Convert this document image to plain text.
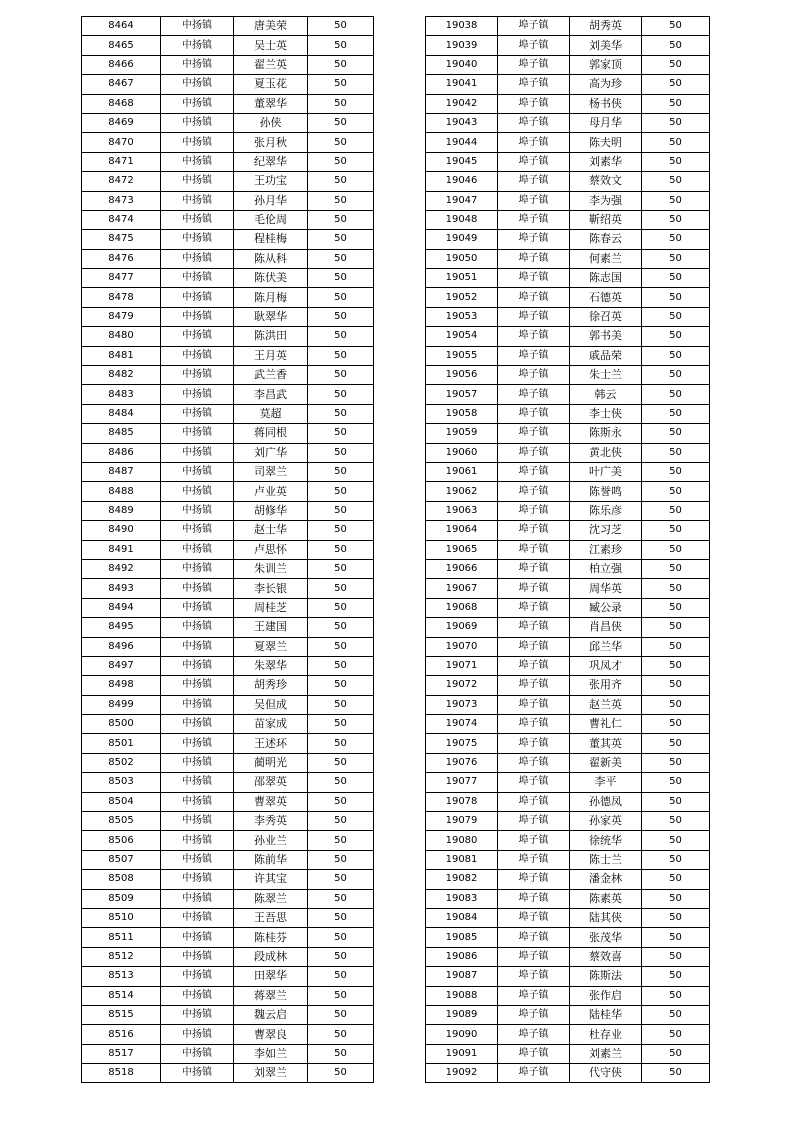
8464	中扬镇	唐美荣	50
8465	中扬镇	吴士英	50
8466	中扬镇	翟兰英	50
8467	中扬镇	夏玉花	50
8468	中扬镇	董翠华	50
8469	中扬镇	孙侠	50
8470	中扬镇	张月秋	50
8471	中扬镇	纪翠华	50
8472	中扬镇	王功宝	50
8473	中扬镇	孙月华	50
8474	中扬镇	毛伦周	50
8475	中扬镇	程桂梅	50
8476	中扬镇	陈从科	50
8477	中扬镇	陈伏美	50
8478	中扬镇	陈月梅	50
8479	中扬镇	耿翠华	50
8480	中扬镇	陈洪田	50
8481	中扬镇	王月英	50
8482	中扬镇	武兰香	50
8483	中扬镇	李昌武	50
8484	中扬镇	莫超	50
8485	中扬镇	蒋同根	50
8486	中扬镇	刘广华	50
8487	中扬镇	司翠兰	50
8488	中扬镇	卢业英	50
8489	中扬镇	胡修华	50
8490	中扬镇	赵士华	50
8491	中扬镇	卢思怀	50
8492	中扬镇	朱训兰	50
8493	中扬镇	李长银	50
8494	中扬镇	周桂芝	50
8495	中扬镇	王建国	50
8496	中扬镇	夏翠兰	50
8497	中扬镇	朱翠华	50
8498	中扬镇	胡秀珍	50
8499	中扬镇	吴但成	50
8500	中扬镇	苗家成	50
8501	中扬镇	王述环	50
8502	中扬镇	蔺明光	50
8503	中扬镇	邵翠英	50
8504	中扬镇	曹翠英	50
8505	中扬镇	李秀英	50
8506	中扬镇	孙业兰	50
8507	中扬镇	陈前华	50
8508	中扬镇	许其宝	50
8509	中扬镇	陈翠兰	50
8510	中扬镇	王吾思	50
8511	中扬镇	陈桂芬	50
8512	中扬镇	段成林	50
8513	中扬镇	田翠华	50
8514	中扬镇	蒋翠兰	50
8515	中扬镇	魏云启	50
8516	中扬镇	曹翠良	50
8517	中扬镇	李如兰	50
8518	中扬镇	刘翠兰	50
19038	埠子镇	胡秀英	50
19039	埠子镇	刘美华	50
19040	埠子镇	郭家顶	50
19041	埠子镇	高为珍	50
19042	埠子镇	杨书侠	50
19043	埠子镇	母月华	50
19044	埠子镇	陈夫明	50
19045	埠子镇	刘素华	50
19046	埠子镇	蔡效文	50
19047	埠子镇	李为强	50
19048	埠子镇	靳绍英	50
19049	埠子镇	陈春云	50
19050	埠子镇	何素兰	50
19051	埠子镇	陈志国	50
19052	埠子镇	石德英	50
19053	埠子镇	徐召英	50
19054	埠子镇	郭书美	50
19055	埠子镇	戚品荣	50
19056	埠子镇	朱士兰	50
19057	埠子镇	韩云	50
19058	埠子镇	李士侠	50
19059	埠子镇	陈斯永	50
19060	埠子镇	黄北侠	50
19061	埠子镇	叶广美	50
19062	埠子镇	陈誉鸣	50
19063	埠子镇	陈乐彦	50
19064	埠子镇	沈习芝	50
19065	埠子镇	江素珍	50
19066	埠子镇	柏立强	50
19067	埠子镇	周华英	50
19068	埠子镇	臧公录	50
19069	埠子镇	肖昌侠	50
19070	埠子镇	邱兰华	50
19071	埠子镇	巩凤才	50
19072	埠子镇	张用齐	50
19073	埠子镇	赵兰英	50
19074	埠子镇	曹礼仁	50
19075	埠子镇	董其英	50
19076	埠子镇	翟新美	50
19077	埠子镇	李平	50
19078	埠子镇	孙德凤	50
19079	埠子镇	孙家英	50
19080	埠子镇	徐统华	50
19081	埠子镇	陈士兰	50
19082	埠子镇	潘金林	50
19083	埠子镇	陈素英	50
19084	埠子镇	陆其侠	50
19085	埠子镇	张茂华	50
19086	埠子镇	蔡效喜	50
19087	埠子镇	陈斯法	50
19088	埠子镇	张作启	50
19089	埠子镇	陆桂华	50
19090	埠子镇	杜存业	50
19091	埠子镇	刘素兰	50
19092	埠子镇	代守侠	50
